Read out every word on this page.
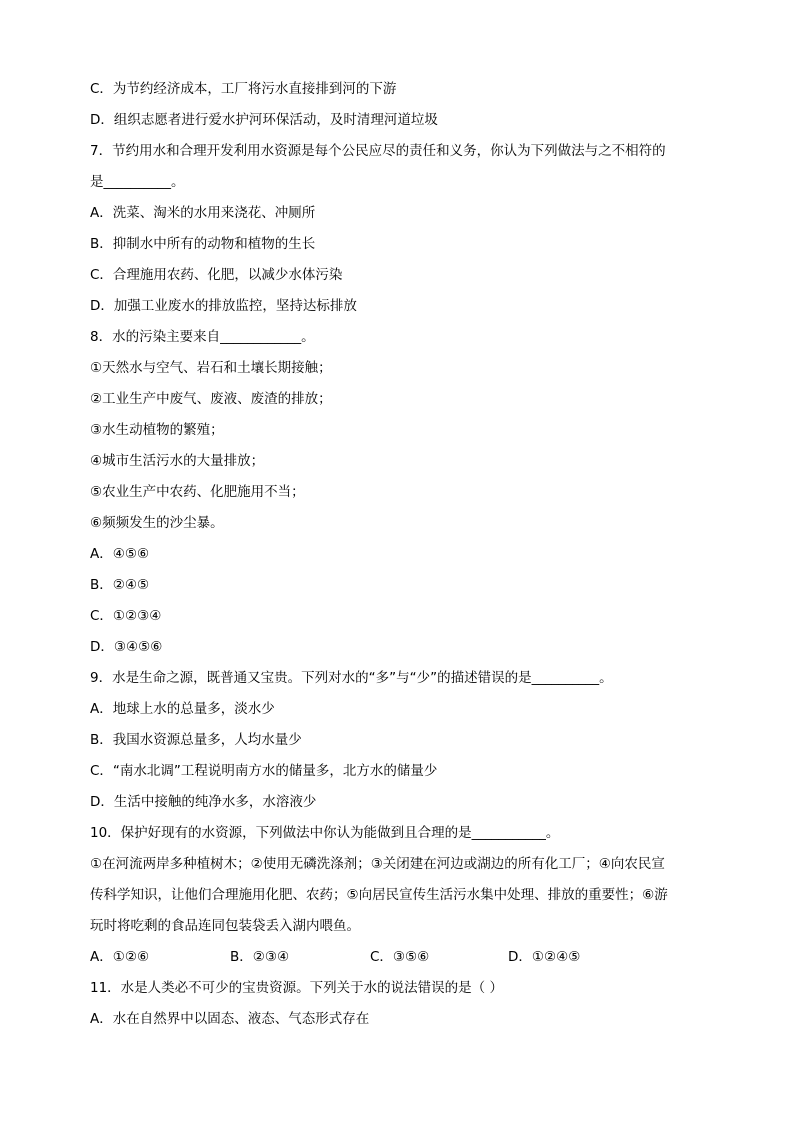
C．为节约经济成本，工厂将污水直接排到河的下游
D．组织志愿者进行爱水护河环保活动，及时清理河道垃圾
7．节约用水和合理开发利用水资源是每个公民应尽的责任和义务，你认为下列做法与之不相符的
是__________。
A．洗菜、淘米的水用来浇花、冲厕所
B．抑制水中所有的动物和植物的生长
C．合理施用农药、化肥，以减少水体污染
D．加强工业废水的排放监控，坚持达标排放
8．水的污染主要来自____________。
①天然水与空气、岩石和土壤长期接触；
②工业生产中废气、废液、废渣的排放；
③水生动植物的繁殖；
④城市生活污水的大量排放；
⑤农业生产中农药、化肥施用不当；
⑥频频发生的沙尘暴。
A．④⑤⑥
B．②④⑤
C．①②③④
D．③④⑤⑥
9．水是生命之源，既普通又宝贵。下列对水的“多”与“少”的描述错误的是__________。
A．地球上水的总量多，淡水少
B．我国水资源总量多，人均水量少
C．“南水北调”工程说明南方水的储量多，北方水的储量少
D．生活中接触的纯净水多，水溶液少
10．保护好现有的水资源，下列做法中你认为能做到且合理的是___________。
①在河流两岸多种植树木；②使用无磷洗涤剂；③关闭建在河边或湖边的所有化工厂；④向农民宣
传科学知识，让他们合理施用化肥、农药；⑤向居民宣传生活污水集中处理、排放的重要性；⑥游
玩时将吃剩的食品连同包装袋丢入湖内喂鱼。
A．①②⑥	B．②③④	C．③⑤⑥	D．①②④⑤
11．水是人类必不可少的宝贵资源。下列关于水的说法错误的是（ ）
A．水在自然界中以固态、液态、气态形式存在
